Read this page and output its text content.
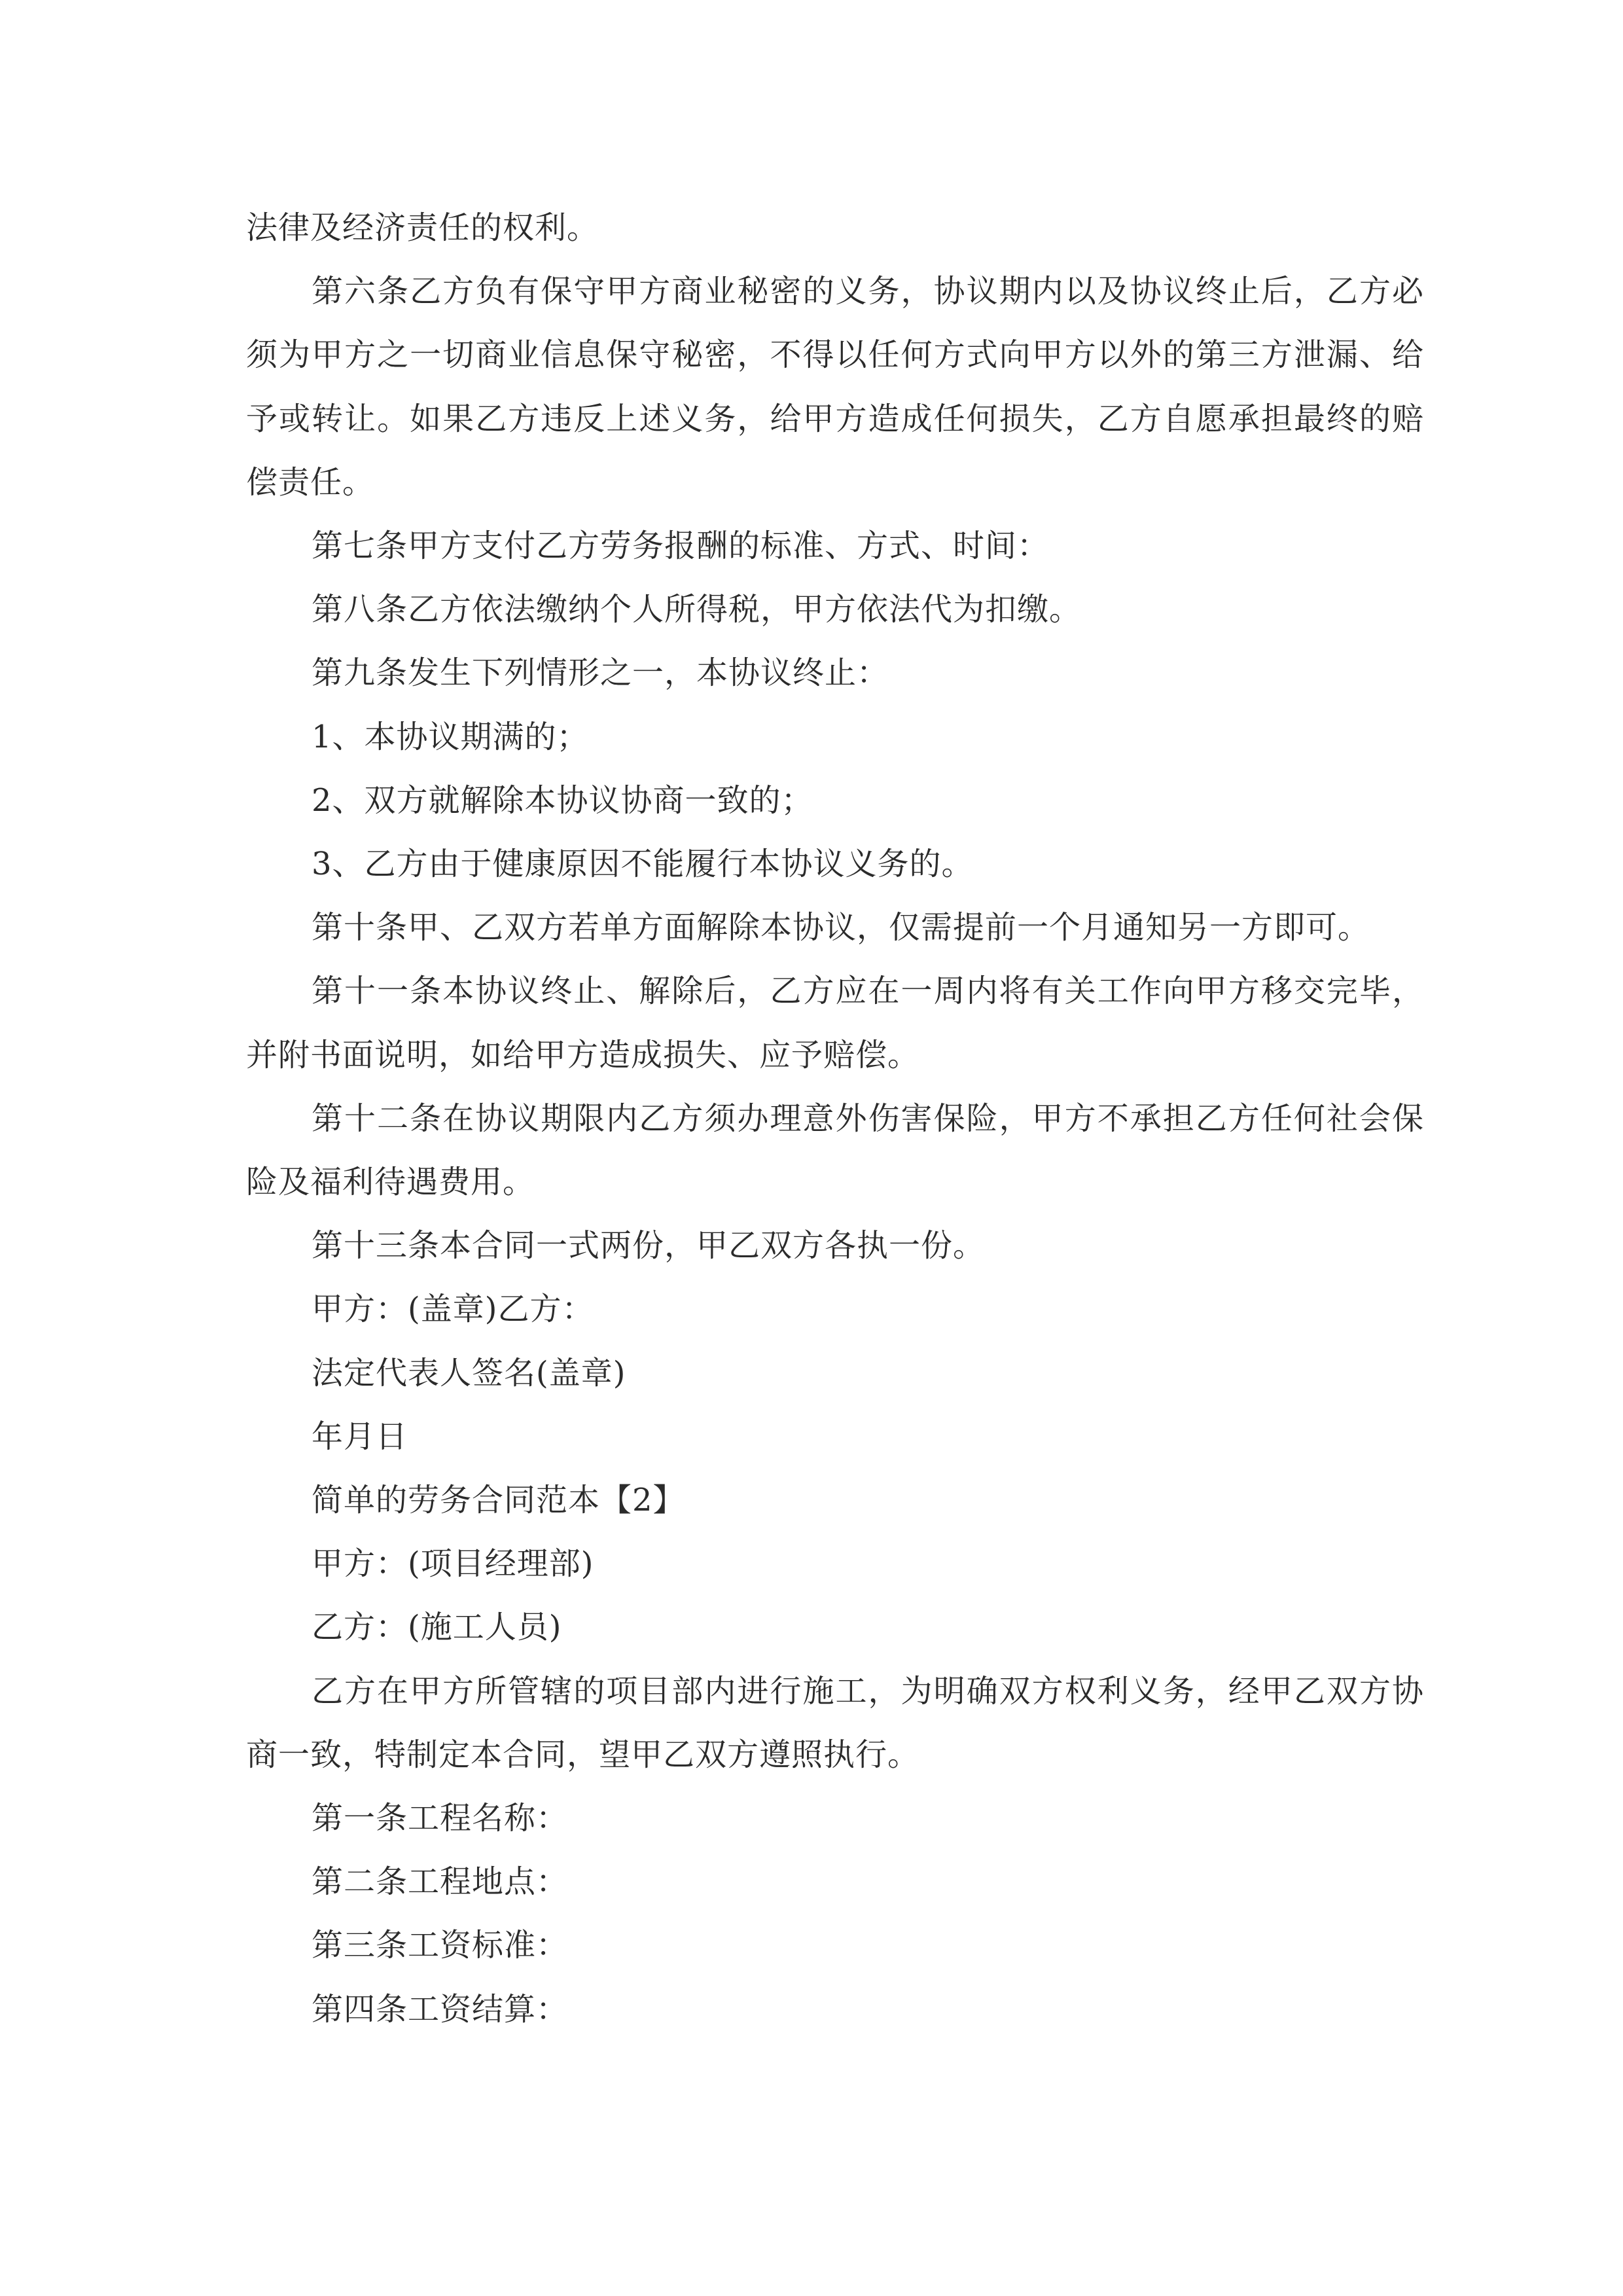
法律及经济责任的权利。

第六条乙方负有保守甲方商业秘密的义务，协议期内以及协议终止后，乙方必须为甲方之一切商业信息保守秘密，不得以任何方式向甲方以外的第三方泄漏、给予或转让。如果乙方违反上述义务，给甲方造成任何损失，乙方自愿承担最终的赔偿责任。

第七条甲方支付乙方劳务报酬的标准、方式、时间：

第八条乙方依法缴纳个人所得税，甲方依法代为扣缴。

第九条发生下列情形之一，本协议终止：

1、本协议期满的；

2、双方就解除本协议协商一致的；

3、乙方由于健康原因不能履行本协议义务的。

第十条甲、乙双方若单方面解除本协议，仅需提前一个月通知另一方即可。

第十一条本协议终止、解除后，乙方应在一周内将有关工作向甲方移交完毕，并附书面说明，如给甲方造成损失、应予赔偿。

第十二条在协议期限内乙方须办理意外伤害保险，甲方不承担乙方任何社会保险及福利待遇费用。

第十三条本合同一式两份，甲乙双方各执一份。

甲方：(盖章)乙方：

法定代表人签名(盖章)

年月日

简单的劳务合同范本【2】

甲方：(项目经理部)

乙方：(施工人员)

乙方在甲方所管辖的项目部内进行施工，为明确双方权利义务，经甲乙双方协商一致，特制定本合同，望甲乙双方遵照执行。

第一条工程名称：

第二条工程地点：

第三条工资标准：

第四条工资结算：
